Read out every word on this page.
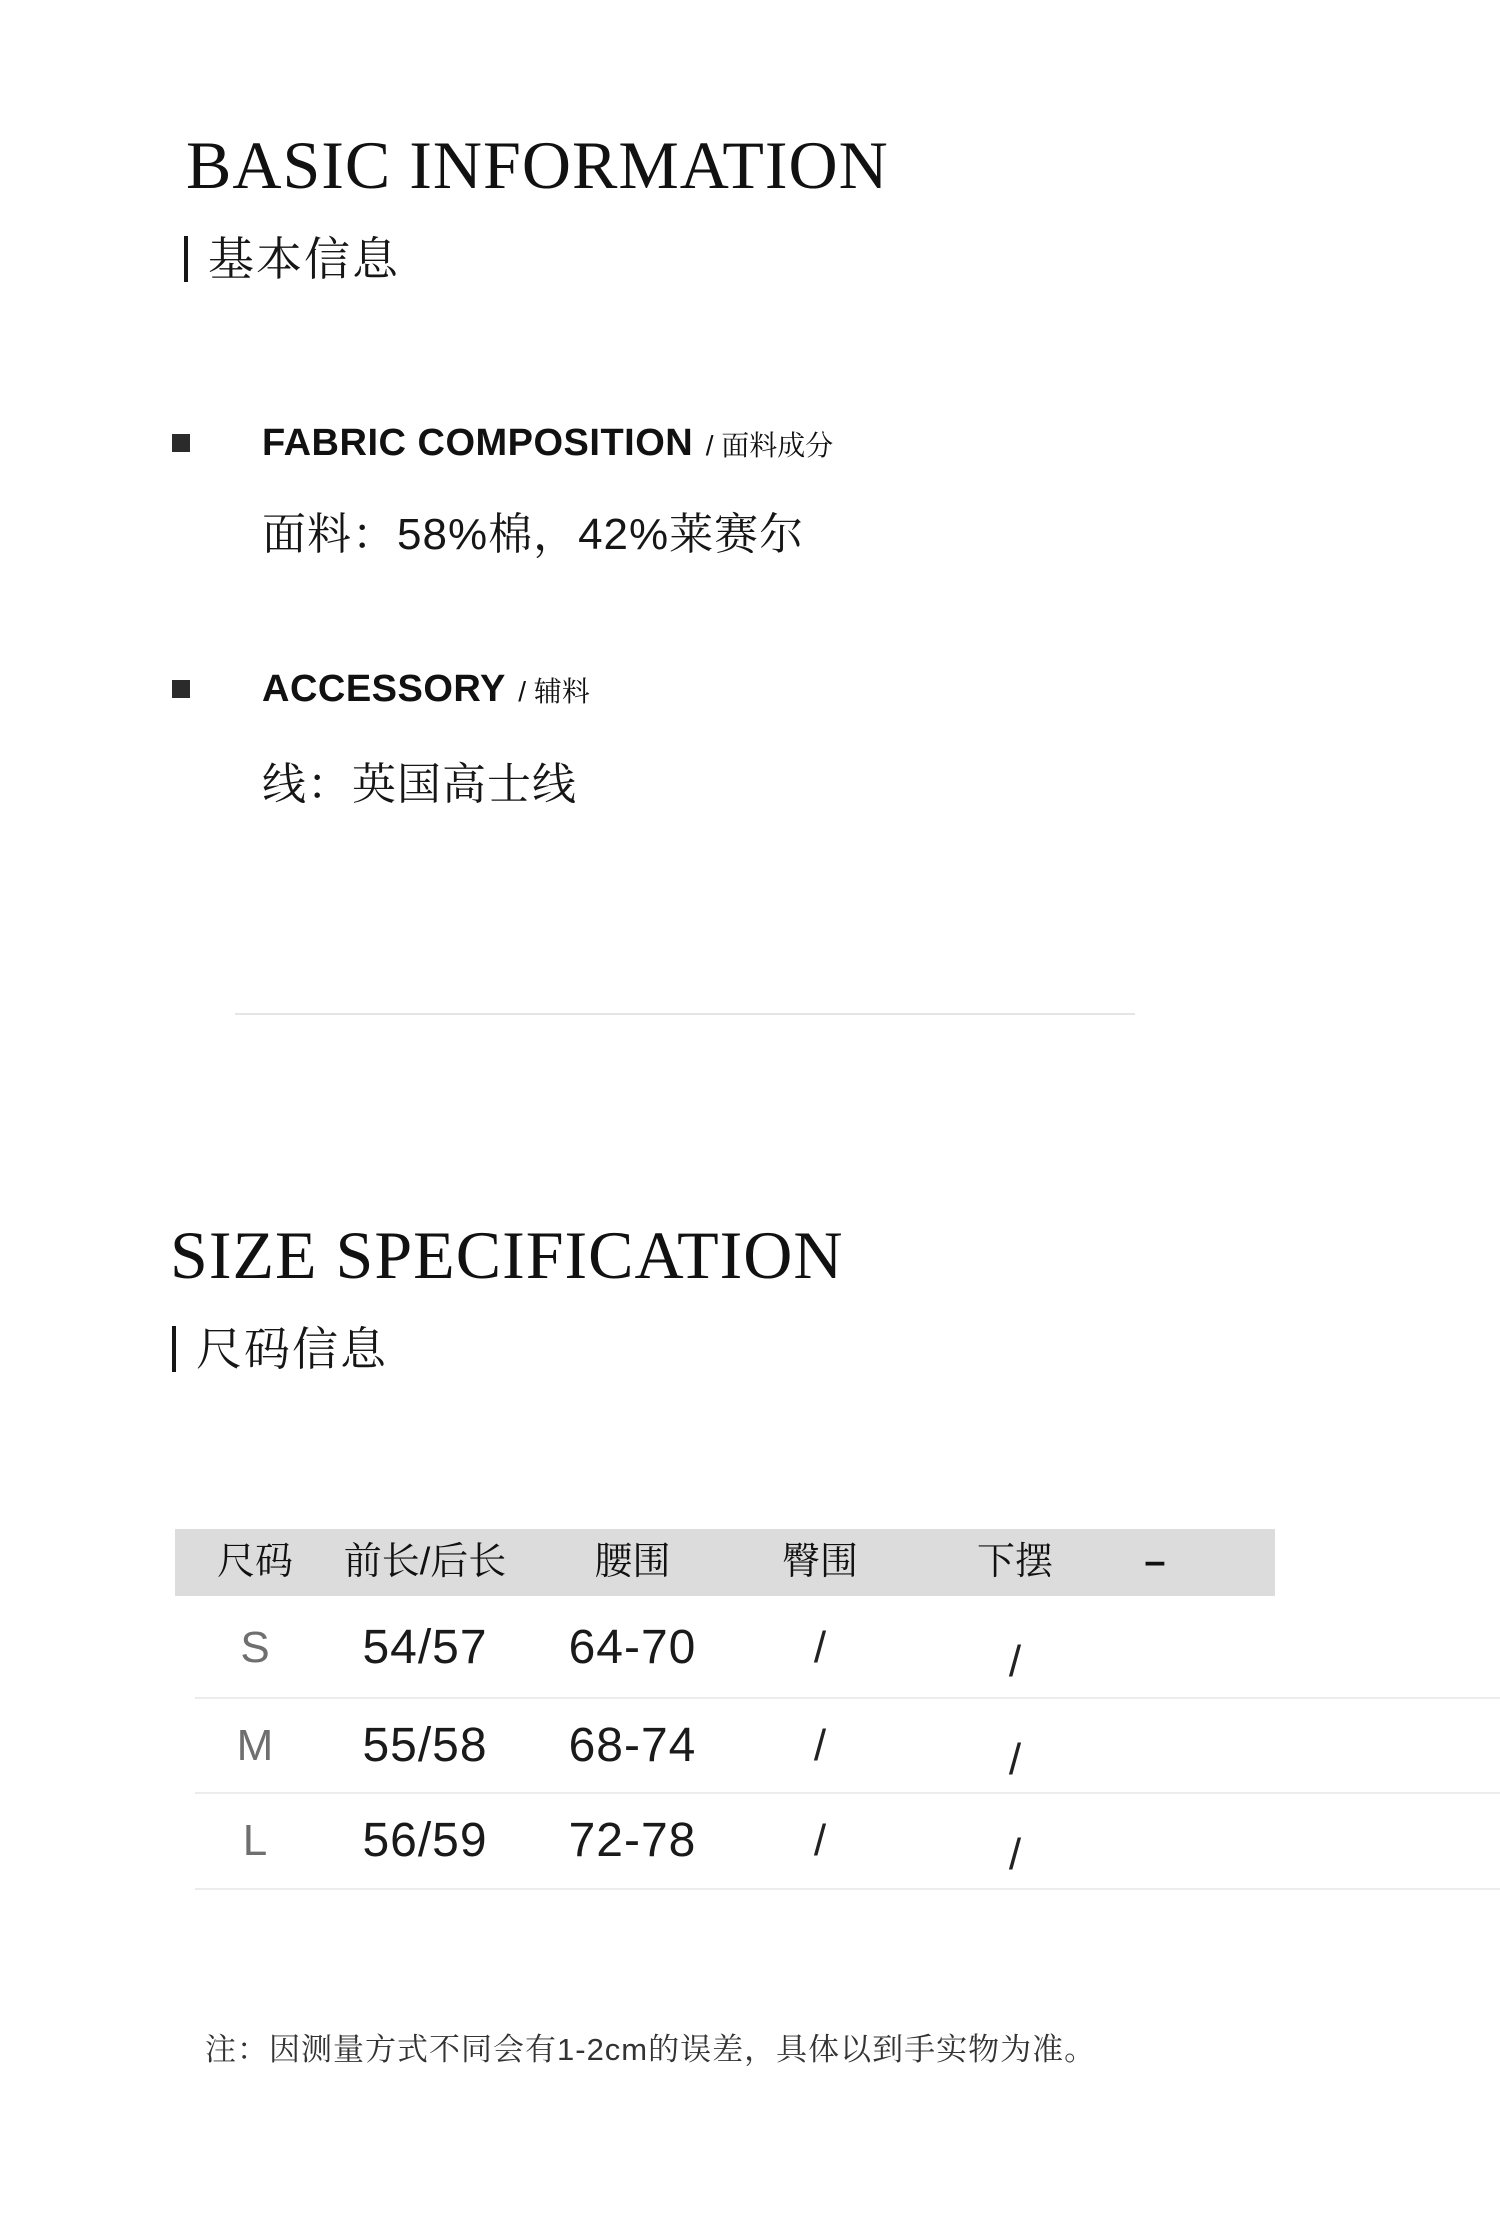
BASIC INFORMATION
基本信息
FABRIC COMPOSITION / 面料成分
面料：58%棉，42%莱赛尔
ACCESSORY / 辅料
线：英国高士线
SIZE SPECIFICATION
尺码信息
尺码	前长/后长	腰围	臀围	下摆	–
S	54/57	64-70	/	/
M	55/58	68-74	/	/
L	56/59	72-78	/	/
注：因测量方式不同会有1-2cm的误差，具体以到手实物为准。
